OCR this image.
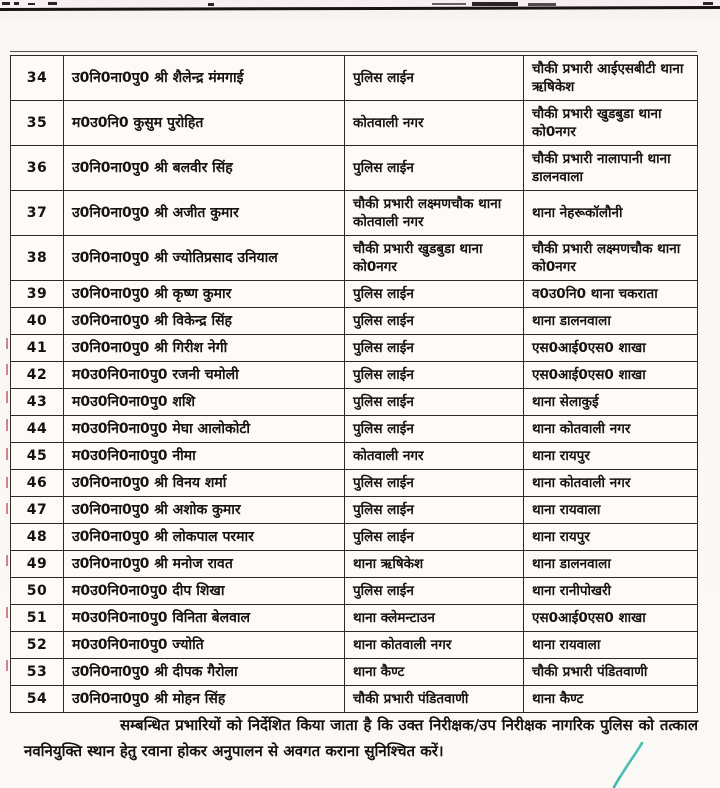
34	उ0नि0ना0पु0 श्री शैलेन्द्र मंमगाई	पुलिस लाईन	चौकी प्रभारी आईएसबीटी थाना ऋषिकेश
35	म0उ0नि0 कुसुम पुरोहित	कोतवाली नगर	चौकी प्रभारी खुडबुडा थाना को0नगर
36	उ0नि0ना0पु0 श्री बलवीर सिंह	पुलिस लाईन	चौकी प्रभारी नालापानी थाना डालनवाला
37	उ0नि0ना0पु0 श्री अजीत कुमार	चौकी प्रभारी लक्ष्मणचौक थाना कोतवाली नगर	थाना नेहरूकॉलौनी
38	उ0नि0ना0पु0 श्री ज्योतिप्रसाद उनियाल	चौकी प्रभारी खुडबुडा थाना को0नगर	चौकी प्रभारी लक्ष्मणचौक थाना को0नगर
39	उ0नि0ना0पु0 श्री कृष्ण कुमार	पुलिस लाईन	व0उ0नि0 थाना चकराता
40	उ0नि0ना0पु0 श्री विकेन्द्र सिंह	पुलिस लाईन	थाना डालनवाला
41	उ0नि0ना0पु0 श्री गिरीश नेगी	पुलिस लाईन	एस0आई0एस0 शाखा
42	म0उ0नि0ना0पु0 रजनी चमोली	पुलिस लाईन	एस0आई0एस0 शाखा
43	म0उ0नि0ना0पु0 शशि	पुलिस लाईन	थाना सेलाकुई
44	म0उ0नि0ना0पु0 मेघा आलोकोटी	पुलिस लाईन	थाना कोतवाली नगर
45	म0उ0नि0ना0पु0 नीमा	कोतवाली नगर	थाना रायपुर
46	उ0नि0ना0पु0 श्री विनय शर्मा	पुलिस लाईन	थाना कोतवाली नगर
47	उ0नि0ना0पु0 श्री अशोक कुमार	पुलिस लाईन	थाना रायवाला
48	उ0नि0ना0पु0 श्री लोकपाल परमार	पुलिस लाईन	थाना रायपुर
49	उ0नि0ना0पु0 श्री मनोज रावत	थाना ऋषिकेश	थाना डालनवाला
50	म0उ0नि0ना0पु0 दीप शिखा	पुलिस लाईन	थाना रानीपोखरी
51	म0उ0नि0ना0पु0 विनिता बेलवाल	थाना क्लेमन्टाउन	एस0आई0एस0 शाखा
52	म0उ0नि0ना0पु0 ज्योति	थाना कोतवाली नगर	थाना रायवाला
53	उ0नि0ना0पु0 श्री दीपक गैरोला	थाना कैण्ट	चौकी प्रभारी पंडितवाणी
54	उ0नि0ना0पु0 श्री मोहन सिंह	चौकी प्रभारी पंडितवाणी	थाना कैण्ट
सम्बन्धित प्रभारियों को निर्देशित किया जाता है कि उक्त निरीक्षक/उप निरीक्षक नागरिक पुलिस को तत्काल नवनियुक्ति स्थान हेतु रवाना होकर अनुपालन से अवगत कराना सुनिश्चित करें।
